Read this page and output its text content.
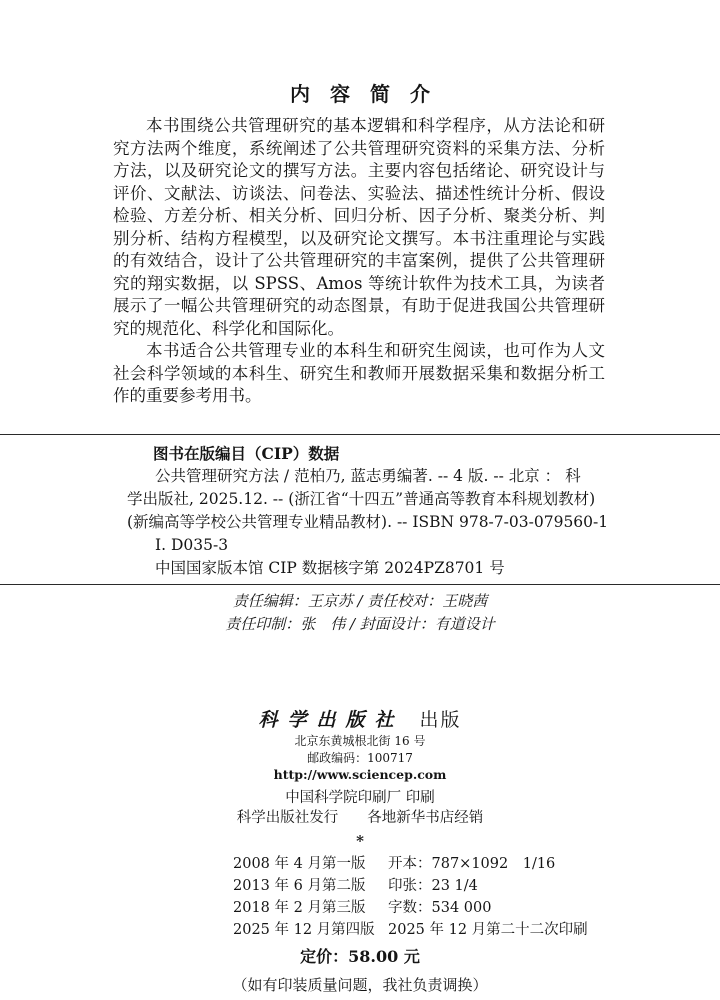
内　容　简　介

本书围绕公共管理研究的基本逻辑和科学程序，从方法论和研究方法两个维度，系统阐述了公共管理研究资料的采集方法、分析方法，以及研究论文的撰写方法。主要内容包括绪论、研究设计与评价、文献法、访谈法、问卷法、实验法、描述性统计分析、假设检验、方差分析、相关分析、回归分析、因子分析、聚类分析、判别分析、结构方程模型，以及研究论文撰写。本书注重理论与实践的有效结合，设计了公共管理研究的丰富案例，提供了公共管理研究的翔实数据，以 SPSS、Amos 等统计软件为技术工具，为读者展示了一幅公共管理研究的动态图景，有助于促进我国公共管理研究的规范化、科学化和国际化。

本书适合公共管理专业的本科生和研究生阅读，也可作为人文社会科学领域的本科生、研究生和教师开展数据采集和数据分析工作的重要参考用书。

图书在版编目（CIP）数据
公共管理研究方法 / 范柏乃, 蓝志勇编著. -- 4 版. -- 北京 ： 科
学出版社, 2025.12. -- (浙江省“十四五”普通高等教育本科规划教材)
(新编高等学校公共管理专业精品教材). -- ISBN 978-7-03-079560-1
Ⅰ. D035-3
中国国家版本馆 CIP 数据核字第 2024PZ8701 号
责任编辑：王京苏 / 责任校对：王晓茜
责任印制：张　伟 / 封面设计：有道设计
科学出版社 出版
北京东黄城根北街 16 号
邮政编码：100717
http://www.sciencep.com
中国科学院印刷厂 印刷
科学出版社发行　　各地新华书店经销
*
2008 年 4 月第一版	开本：787×1092　1/16
2013 年 6 月第二版	印张：23 1/4
2018 年 2 月第三版	字数：534 000
2025 年 12 月第四版 2025 年 12 月第二十二次印刷
定价：58.00 元
（如有印装质量问题，我社负责调换）
